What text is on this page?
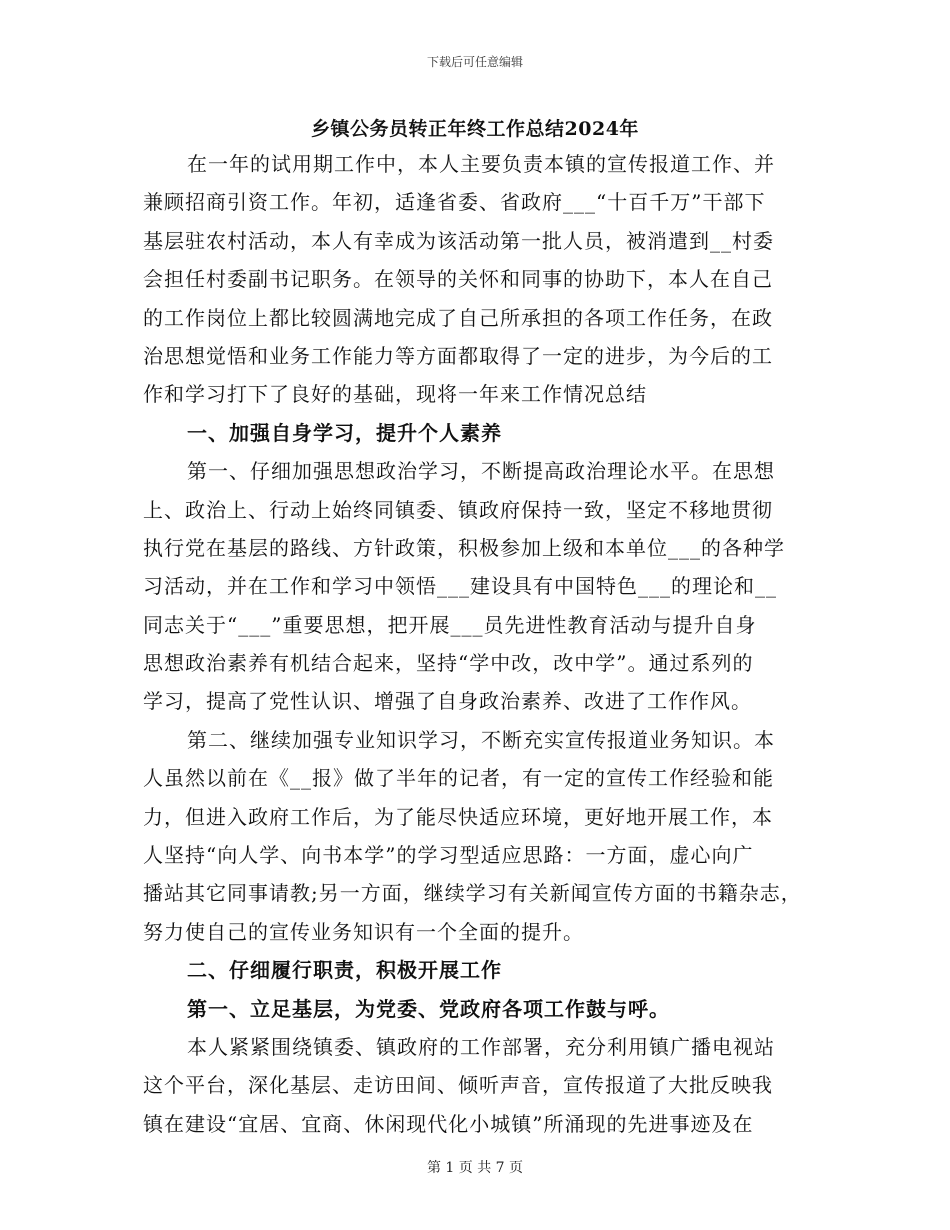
下载后可任意编辑
乡镇公务员转正年终工作总结2024年
在一年的试用期工作中，本人主要负责本镇的宣传报道工作、并
兼顾招商引资工作。年初，适逢省委、省政府___“十百千万”干部下
基层驻农村活动，本人有幸成为该活动第一批人员，被消遣到__村委
会担任村委副书记职务。在领导的关怀和同事的协助下，本人在自己
的工作岗位上都比较圆满地完成了自己所承担的各项工作任务，在政
治思想觉悟和业务工作能力等方面都取得了一定的进步，为今后的工
作和学习打下了良好的基础，现将一年来工作情况总结
一、加强自身学习，提升个人素养
第一、仔细加强思想政治学习，不断提高政治理论水平。在思想
上、政治上、行动上始终同镇委、镇政府保持一致，坚定不移地贯彻
执行党在基层的路线、方针政策，积极参加上级和本单位___的各种学
习活动，并在工作和学习中领悟___建设具有中国特色___的理论和__
同志关于“___”重要思想，把开展___员先进性教育活动与提升自身
思想政治素养有机结合起来，坚持“学中改，改中学”。通过系列的
学习，提高了党性认识、增强了自身政治素养、改进了工作作风。
第二、继续加强专业知识学习，不断充实宣传报道业务知识。本
人虽然以前在《__报》做了半年的记者，有一定的宣传工作经验和能
力，但进入政府工作后，为了能尽快适应环境，更好地开展工作，本
人坚持“向人学、向书本学”的学习型适应思路：一方面，虚心向广
播站其它同事请教;另一方面，继续学习有关新闻宣传方面的书籍杂志，
努力使自己的宣传业务知识有一个全面的提升。
二、仔细履行职责，积极开展工作
第一、立足基层，为党委、党政府各项工作鼓与呼。
本人紧紧围绕镇委、镇政府的工作部署，充分利用镇广播电视站
这个平台，深化基层、走访田间、倾听声音，宣传报道了大批反映我
镇在建设“宜居、宜商、休闲现代化小城镇”所涌现的先进事迹及在
第 1 页 共 7 页
